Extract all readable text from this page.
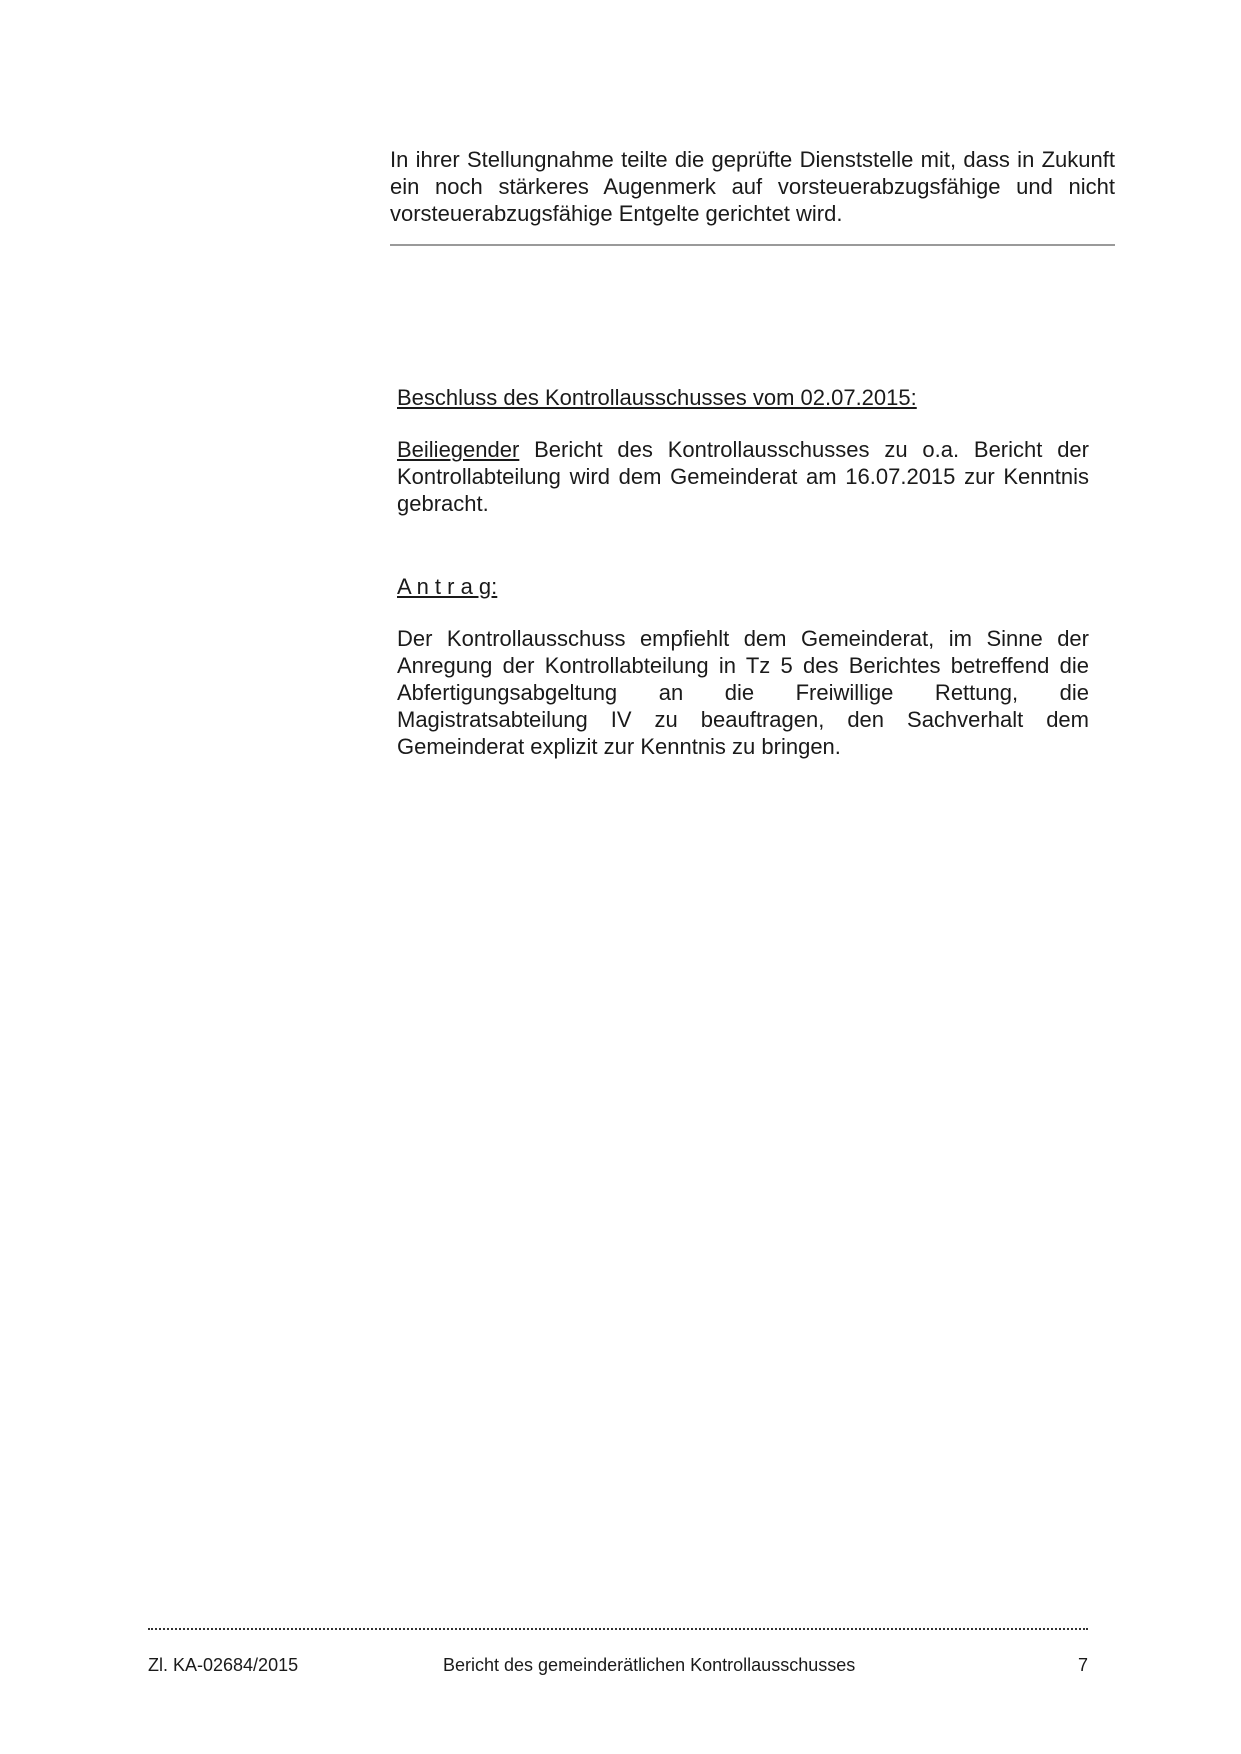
In ihrer Stellungnahme teilte die geprüfte Dienststelle mit, dass in Zukunft ein noch stärkeres Augenmerk auf vorsteuerabzugsfähige und nicht vorsteuerabzugsfähige Entgelte gerichtet wird.

Beschluss des Kontrollausschusses vom 02.07.2015:

Beiliegender Bericht des Kontrollausschusses zu o.a. Bericht der Kontrollabteilung wird dem Gemeinderat am 16.07.2015 zur Kenntnis gebracht.

A n t r a g:

Der Kontrollausschuss empfiehlt dem Gemeinderat, im Sinne der Anregung der Kontrollabteilung in Tz 5 des Berichtes betreffend die Abfertigungsabgeltung an die Freiwillige Rettung, die Magistratsabteilung IV zu beauftragen, den Sachverhalt dem Gemeinderat explizit zur Kenntnis zu bringen.

Zl. KA-02684/2015	Bericht des gemeinderätlichen Kontrollausschusses	7
